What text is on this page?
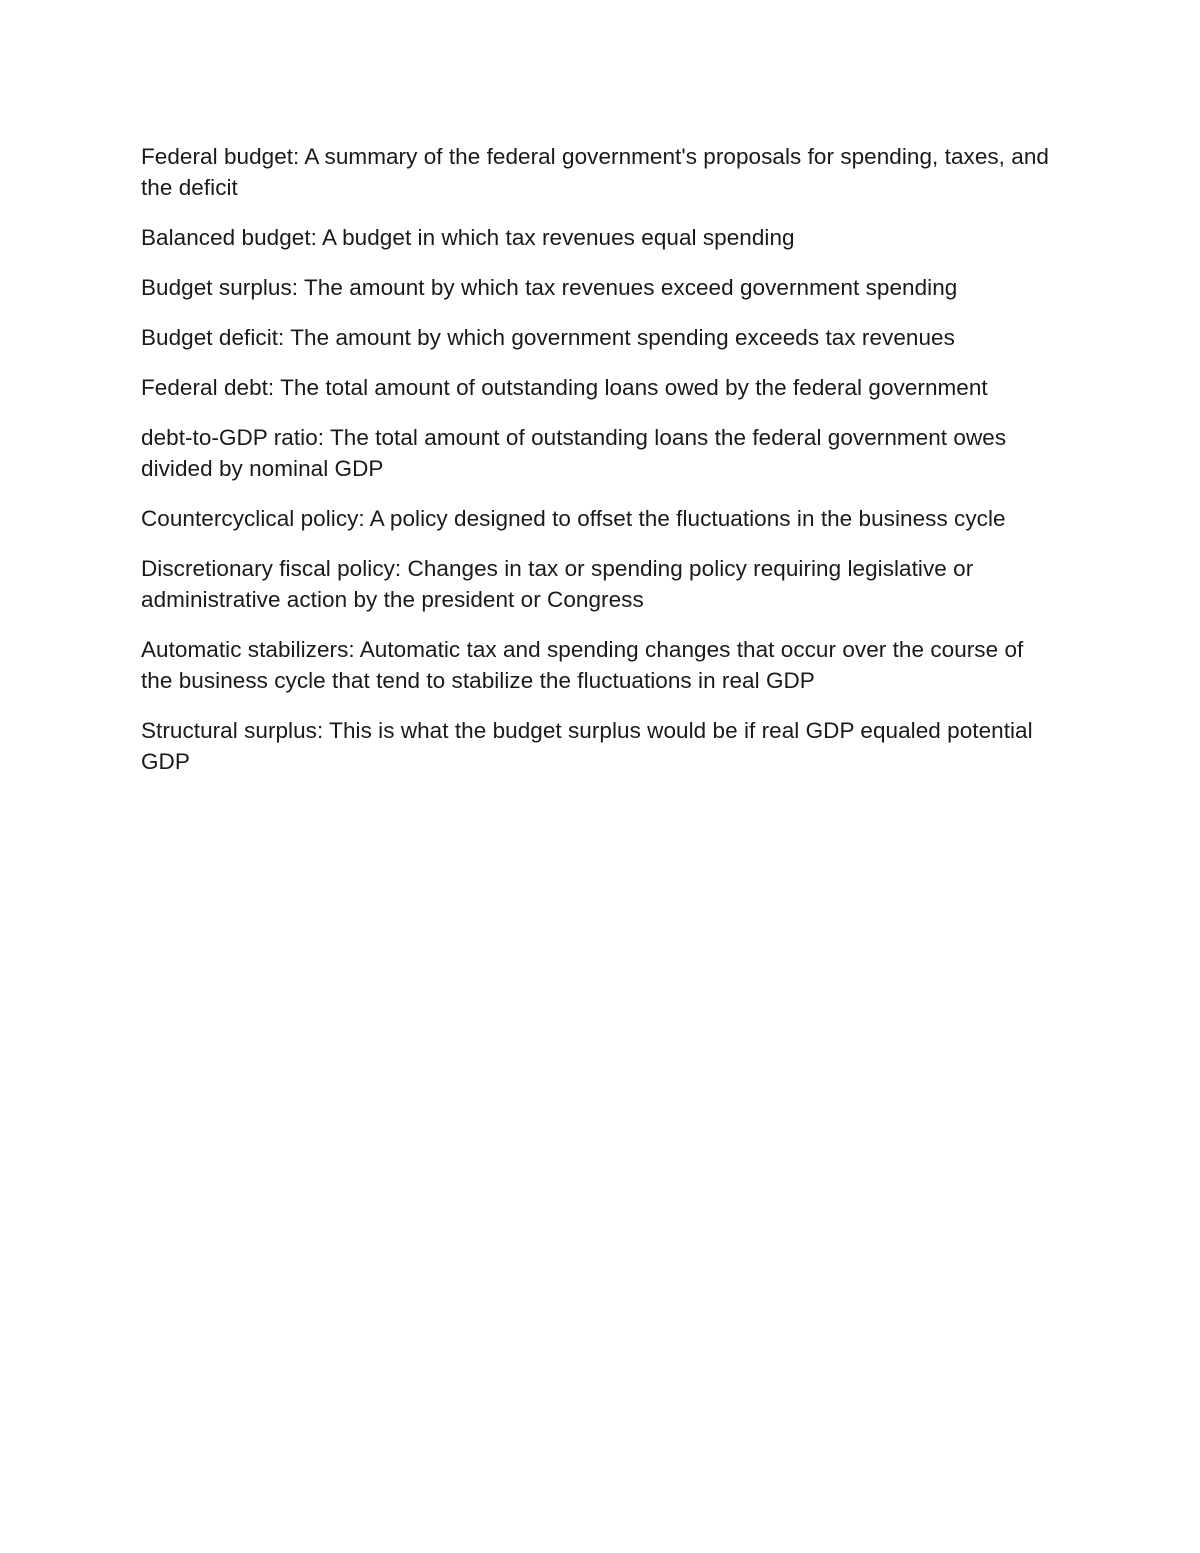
Federal budget: A summary of the federal government's proposals for spending, taxes, and the deficit

Balanced budget: A budget in which tax revenues equal spending

Budget surplus: The amount by which tax revenues exceed government spending

Budget deficit: The amount by which government spending exceeds tax revenues

Federal debt: The total amount of outstanding loans owed by the federal government

debt-to-GDP ratio: The total amount of outstanding loans the federal government owes divided by nominal GDP

Countercyclical policy: A policy designed to offset the fluctuations in the business cycle

Discretionary fiscal policy: Changes in tax or spending policy requiring legislative or administrative action by the president or Congress

Automatic stabilizers: Automatic tax and spending changes that occur over the course of the business cycle that tend to stabilize the fluctuations in real GDP

Structural surplus: This is what the budget surplus would be if real GDP equaled potential GDP
